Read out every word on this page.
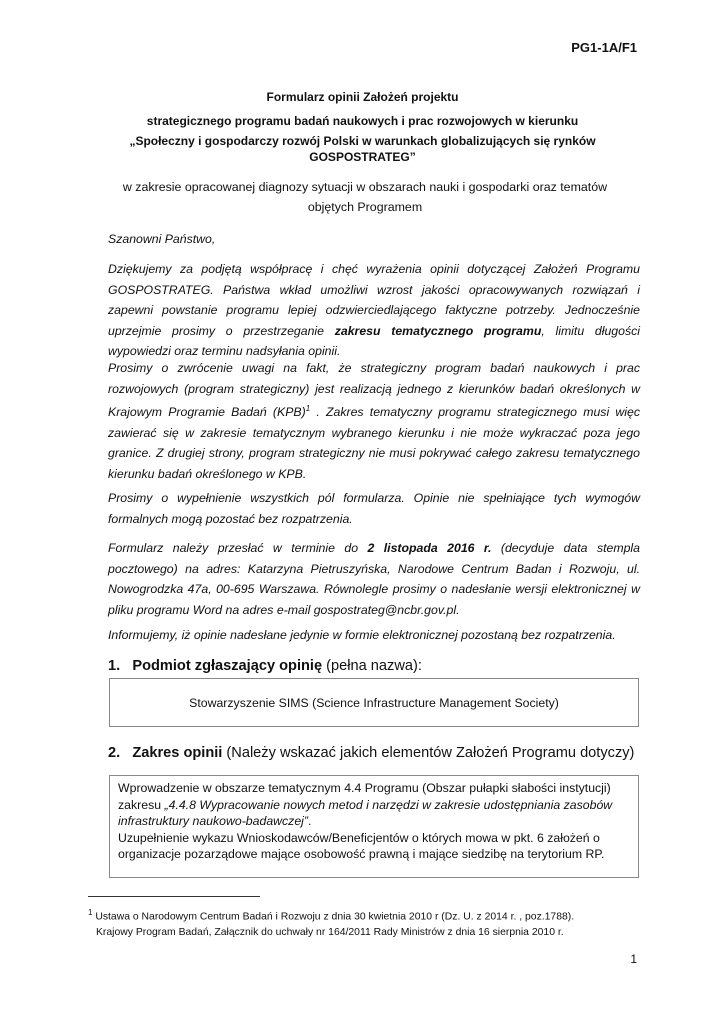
PG1-1A/F1
Formularz opinii Założeń projektu
strategicznego programu badań naukowych i prac rozwojowych w kierunku
„Społeczny i gospodarczy rozwój Polski w warunkach globalizujących się rynków
GOSPOSTRATEG”
w zakresie opracowanej diagnozy sytuacji w obszarach nauki i gospodarki oraz tematów objętych Programem
Szanowni Państwo,
Dziękujemy za podjętą współpracę i chęć wyrażenia opinii dotyczącej Założeń Programu GOSPOSTRATEG. Państwa wkład umożliwi wzrost jakości opracowywanych rozwiązań i zapewni powstanie programu lepiej odzwierciedlającego faktyczne potrzeby. Jednocześnie uprzejmie prosimy o przestrzeganie zakresu tematycznego programu, limitu długości wypowiedzi oraz terminu nadsyłania opinii.
Prosimy o zwrócenie uwagi na fakt, że strategiczny program badań naukowych i prac rozwojowych (program strategiczny) jest realizacją jednego z kierunków badań określonych w Krajowym Programie Badań (KPB)$^1$ . Zakres tematyczny programu strategicznego musi więc zawierać się w zakresie tematycznym wybranego kierunku i nie może wykraczać poza jego granice. Z drugiej strony, program strategiczny nie musi pokrywać całego zakresu tematycznego kierunku badań określonego w KPB.
Prosimy o wypełnienie wszystkich pól formularza. Opinie nie spełniające tych wymogów formalnych mogą pozostać bez rozpatrzenia.
Formularz należy przesłać w terminie do 2 listopada 2016 r. (decyduje data stempla pocztowego) na adres: Katarzyna Pietruszyńska, Narodowe Centrum Badan i Rozwoju, ul. Nowogrodzka 47a, 00-695 Warszawa. Równolegle prosimy o nadesłanie wersji elektronicznej w pliku programu Word na adres e-mail gospostrateg@ncbr.gov.pl.
Informujemy, iż opinie nadesłane jedynie w formie elektronicznej pozostaną bez rozpatrzenia.
1. Podmiot zgłaszający opinię (pełna nazwa):
Stowarzyszenie SIMS (Science Infrastructure Management Society)
2. Zakres opinii (Należy wskazać jakich elementów Założeń Programu dotyczy)

Wprowadzenie w obszarze tematycznym 4.4 Programu (Obszar pułapki słabości instytucji)

zakresu „4.4.8 Wypracowanie nowych metod i narzędzi w zakresie udostępniania zasobów infrastruktury naukowo-badawczej”.

Uzupełnienie wykazu Wnioskodawców/Beneficjentów o których mowa w pkt. 6 założeń o organizacje pozarządowe mające osobowość prawną i mające siedzibę na terytorium RP.

$^1$ Ustawa o Narodowym Centrum Badań i Rozwoju z dnia 30 kwietnia 2010 r (Dz. U. z 2014 r. , poz.1788).
Krajowy Program Badań, Załącznik do uchwały nr 164/2011 Rady Ministrów z dnia 16 sierpnia 2010 r.
1
